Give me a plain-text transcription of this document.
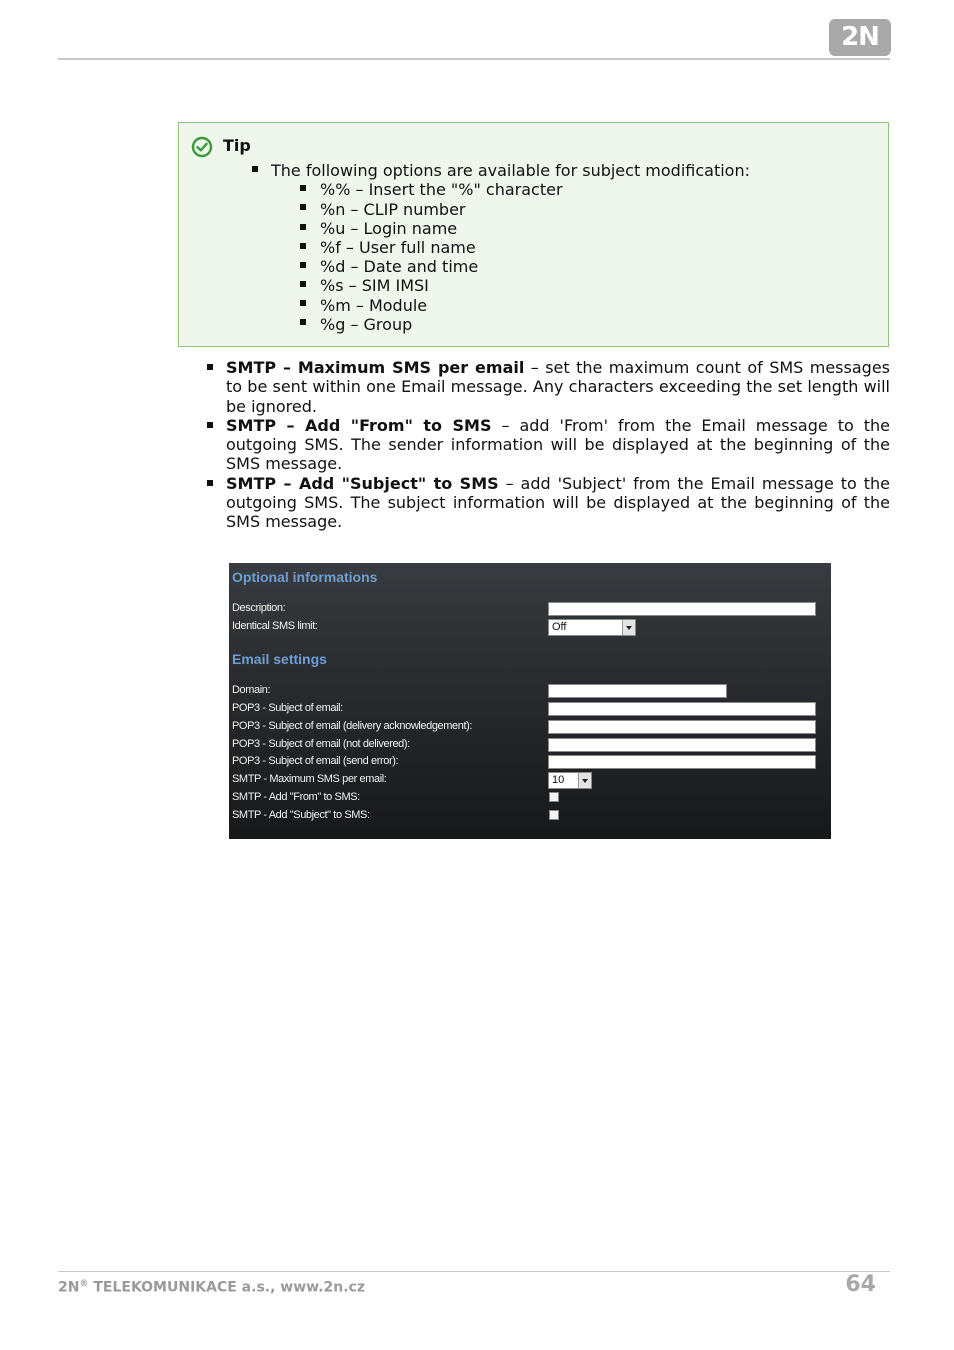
2N
Tip
The following options are available for subject modification:
%% – Insert the "%" character
%n – CLIP number
%u – Login name
%f – User full name
%d – Date and time
%s – SIM IMSI
%m – Module
%g – Group
SMTP – Maximum SMS per email – set the maximum count of SMS messages to be sent within one Email message. Any characters exceeding the set length will be ignored.
SMTP – Add "From" to SMS – add 'From' from the Email message to the outgoing SMS. The sender information will be displayed at the beginning of the SMS message.
SMTP – Add "Subject" to SMS – add 'Subject' from the Email message to the outgoing SMS. The subject information will be displayed at the beginning of the SMS message.
Optional informations
Description:
Identical SMS limit:	Off
Email settings
Domain:
POP3 - Subject of email:
POP3 - Subject of email (delivery acknowledgement):
POP3 - Subject of email (not delivered):
POP3 - Subject of email (send error):
SMTP - Maximum SMS per email:	10
SMTP - Add "From" to SMS:
SMTP - Add "Subject" to SMS:
2N® TELEKOMUNIKACE a.s., www.2n.cz	64
